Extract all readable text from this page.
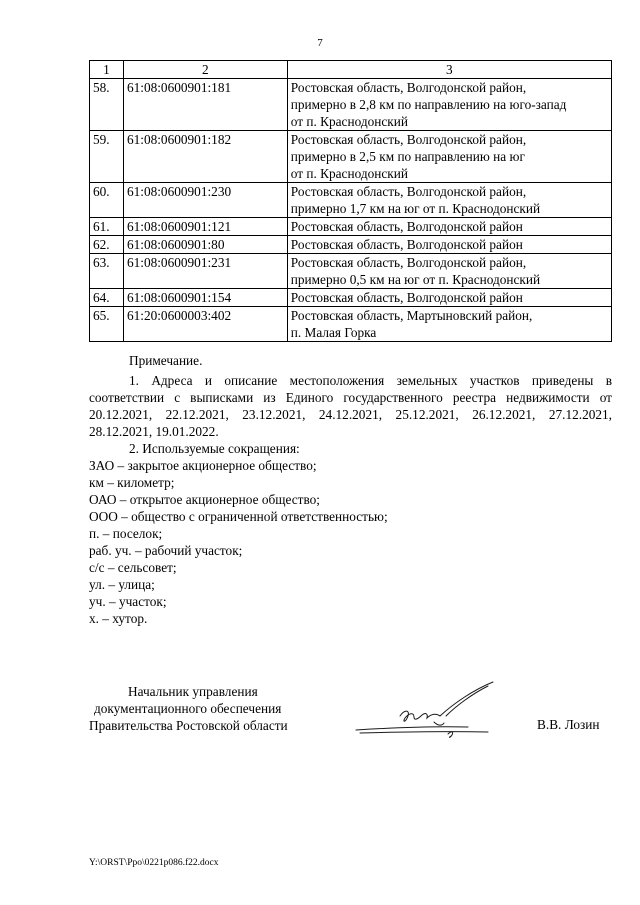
7
1	2	3
58.	61:08:0600901:181	Ростовская область, Волгодонской район,
примерно в 2,8 км по направлению на юго-запад
от п. Краснодонский

59.	61:08:0600901:182	Ростовская область, Волгодонской район,
примерно в 2,5 км по направлению на юг
от п. Краснодонский

60.	61:08:0600901:230	Ростовская область, Волгодонской район,
примерно 1,7 км на юг от п. Краснодонский

61.	61:08:0600901:121	Ростовская область, Волгодонской район

62.	61:08:0600901:80	Ростовская область, Волгодонской район

63.	61:08:0600901:231	Ростовская область, Волгодонской район,
примерно 0,5 км на юг от п. Краснодонский

64.	61:08:0600901:154	Ростовская область, Волгодонской район

65.	61:20:0600003:402	Ростовская область, Мартыновский район,
п. Малая Горка
Примечание.
1. Адреса и описание местоположения земельных участков приведены в соответствии с выписками из Единого государственного реестра недвижимости от 20.12.2021, 22.12.2021, 23.12.2021, 24.12.2021, 25.12.2021, 26.12.2021, 27.12.2021, 28.12.2021, 19.01.2022.
2. Используемые сокращения:
ЗАО – закрытое акционерное общество;
км – километр;
ОАО – открытое акционерное общество;
ООО – общество с ограниченной ответственностью;
п. – поселок;
раб. уч. – рабочий участок;
с/с – сельсовет;
ул. – улица;
уч. – участок;
х. – хутор.
Начальник управления
документационного обеспечения
Правительства Ростовской области	В.В. Лозин
Y:\ORST\Ppo\0221p086.f22.docx
